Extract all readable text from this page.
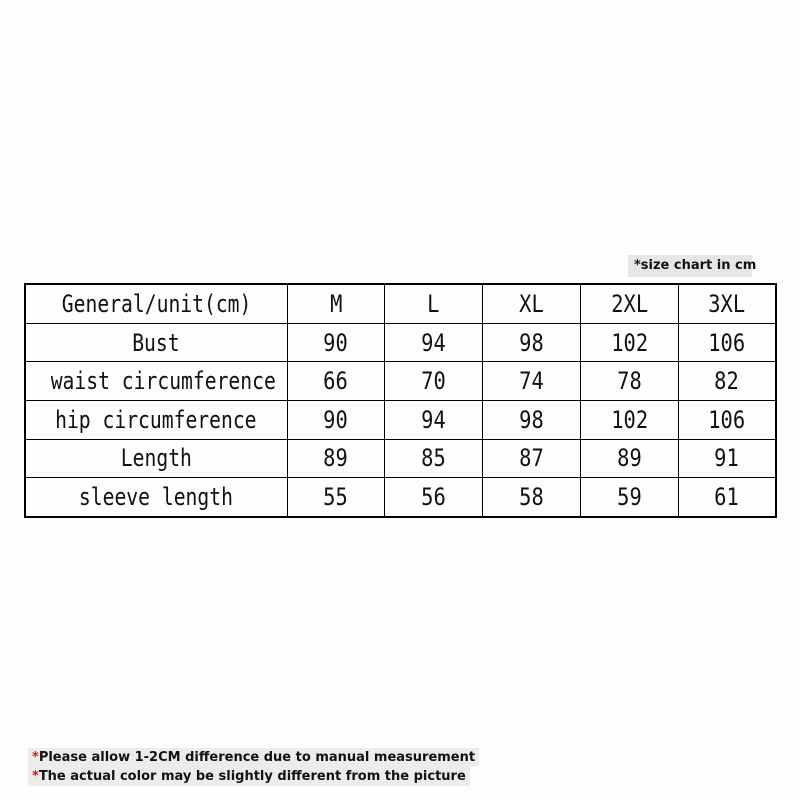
*size chart in cm
General/unit(cm)	M	L	XL	2XL	3XL
Bust	90	94	98	102	106
waist circumference	66	70	74	78	82
hip circumference	90	94	98	102	106
Length	89	85	87	89	91
sleeve length	55	56	58	59	61
*Please allow 1-2CM difference due to manual measurement
*The actual color may be slightly different from the picture
